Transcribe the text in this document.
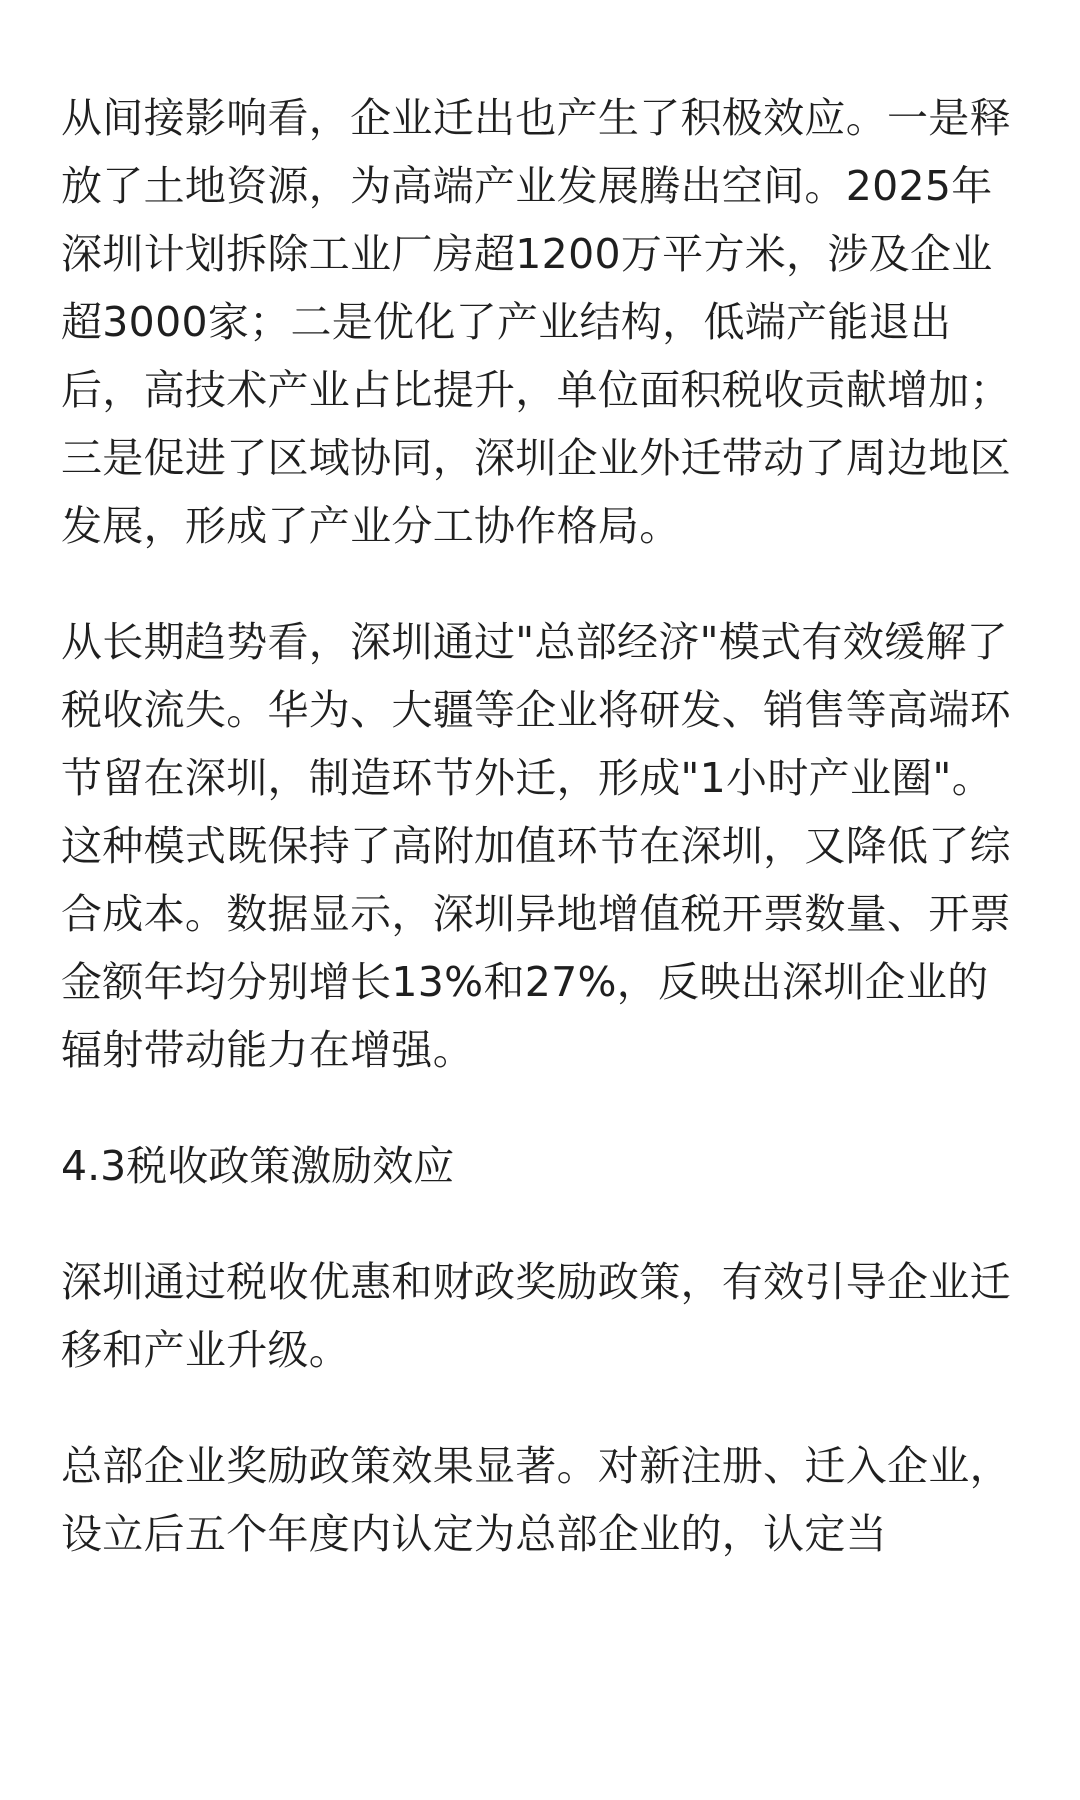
从间接影响看，企业迁出也产生了积极效应。一是释放了土地资源，为高端产业发展腾出空间。2025年深圳计划拆除工业厂房超1200万平方米，涉及企业超3000家；二是优化了产业结构，低端产能退出后，高技术产业占比提升，单位面积税收贡献增加；三是促进了区域协同，深圳企业外迁带动了周边地区发展，形成了产业分工协作格局。

从长期趋势看，深圳通过"总部经济"模式有效缓解了税收流失。华为、大疆等企业将研发、销售等高端环节留在深圳，制造环节外迁，形成"1小时产业圈"。这种模式既保持了高附加值环节在深圳，又降低了综合成本。数据显示，深圳异地增值税开票数量、开票金额年均分别增长13%和27%，反映出深圳企业的辐射带动能力在增强。

4.3税收政策激励效应

深圳通过税收优惠和财政奖励政策，有效引导企业迁移和产业升级。

总部企业奖励政策效果显著。对新注册、迁入企业，设立后五个年度内认定为总部企业的，认定当
